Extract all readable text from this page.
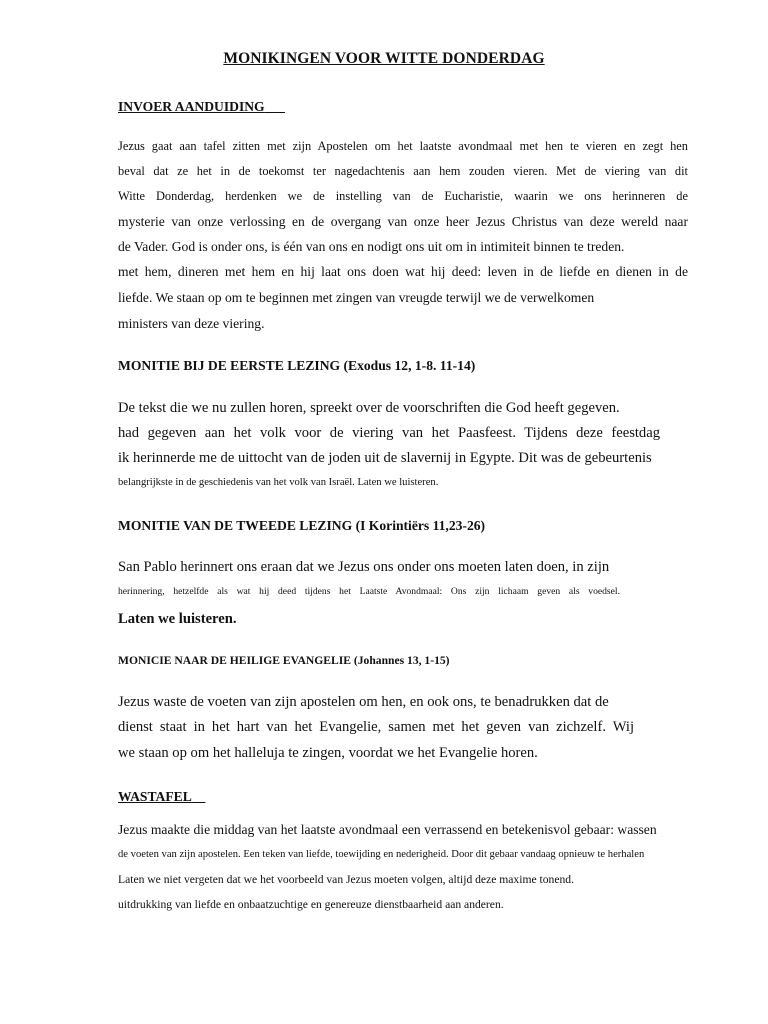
MONIKINGEN VOOR WITTE DONDERDAG
INVOER AANDUIDING
Jezus gaat aan tafel zitten met zijn Apostelen om het laatste avondmaal met hen te vieren en zegt hen
beval dat ze het in de toekomst ter nagedachtenis aan hem zouden vieren. Met de viering van dit
Witte Donderdag, herdenken we de instelling van de Eucharistie, waarin we ons herinneren de
mysterie van onze verlossing en de overgang van onze heer Jezus Christus van deze wereld naar
de Vader. God is onder ons, is één van ons en nodigt ons uit om in intimiteit binnen te treden.
met hem, dineren met hem en hij laat ons doen wat hij deed: leven in de liefde en dienen in de
liefde. We staan op om te beginnen met zingen van vreugde terwijl we de verwelkomen
ministers van deze viering.
MONITIE BIJ DE EERSTE LEZING (Exodus 12, 1-8. 11-14)
De tekst die we nu zullen horen, spreekt over de voorschriften die God heeft gegeven.
had gegeven aan het volk voor de viering van het Paasfeest. Tijdens deze feestdag
ik herinnerde me de uittocht van de joden uit de slavernij in Egypte. Dit was de gebeurtenis
belangrijkste in de geschiedenis van het volk van Israël. Laten we luisteren.
MONITIE VAN DE TWEEDE LEZING (I Korintiërs 11,23-26)
San Pablo herinnert ons eraan dat we Jezus ons onder ons moeten laten doen, in zijn
herinnering, hetzelfde als wat hij deed tijdens het Laatste Avondmaal: Ons zijn lichaam geven als voedsel.
Laten we luisteren.
MONICIE NAAR DE HEILIGE EVANGELIE (Johannes 13, 1-15)
Jezus waste de voeten van zijn apostelen om hen, en ook ons, te benadrukken dat de
dienst staat in het hart van het Evangelie, samen met het geven van zichzelf. Wij
we staan op om het halleluja te zingen, voordat we het Evangelie horen.
WASTAFEL
Jezus maakte die middag van het laatste avondmaal een verrassend en betekenisvol gebaar: wassen
de voeten van zijn apostelen. Een teken van liefde, toewijding en nederigheid. Door dit gebaar vandaag opnieuw te herhalen
Laten we niet vergeten dat we het voorbeeld van Jezus moeten volgen, altijd deze maxime tonend.
uitdrukking van liefde en onbaatzuchtige en genereuze dienstbaarheid aan anderen.
